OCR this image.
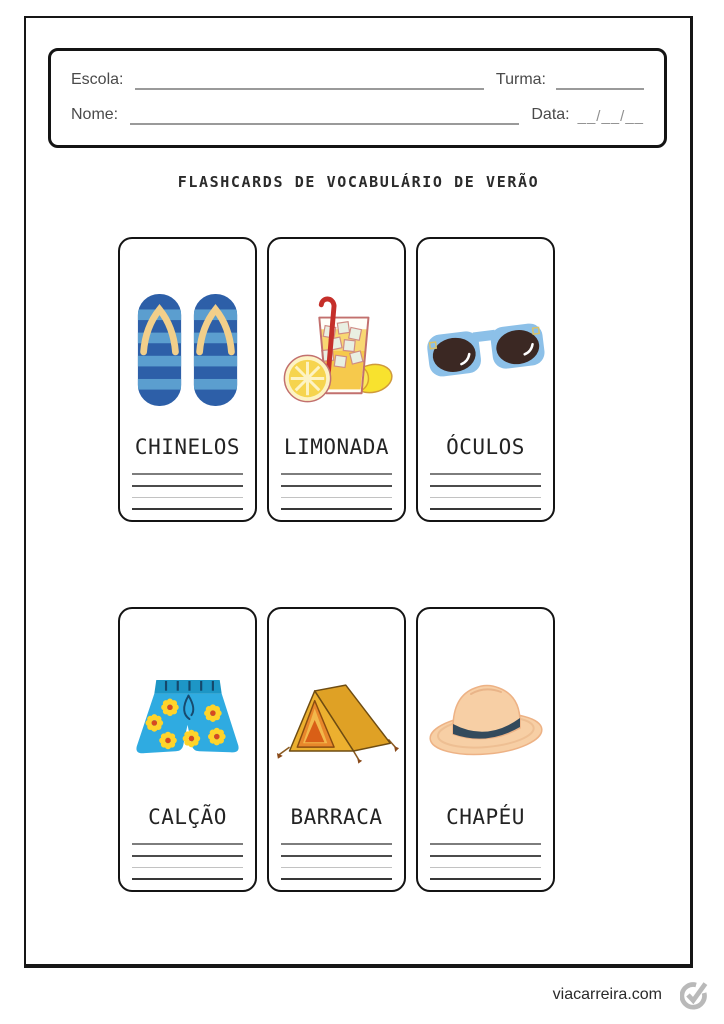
Escola:	Turma:
Nome:	Data: __/__/__
FLASHCARDS DE VOCABULÁRIO DE VERÃO
CHINELOS	LIMONADA	ÓCULOS
CALÇÃO	BARRACA	CHAPÉU
viacarreira.com
